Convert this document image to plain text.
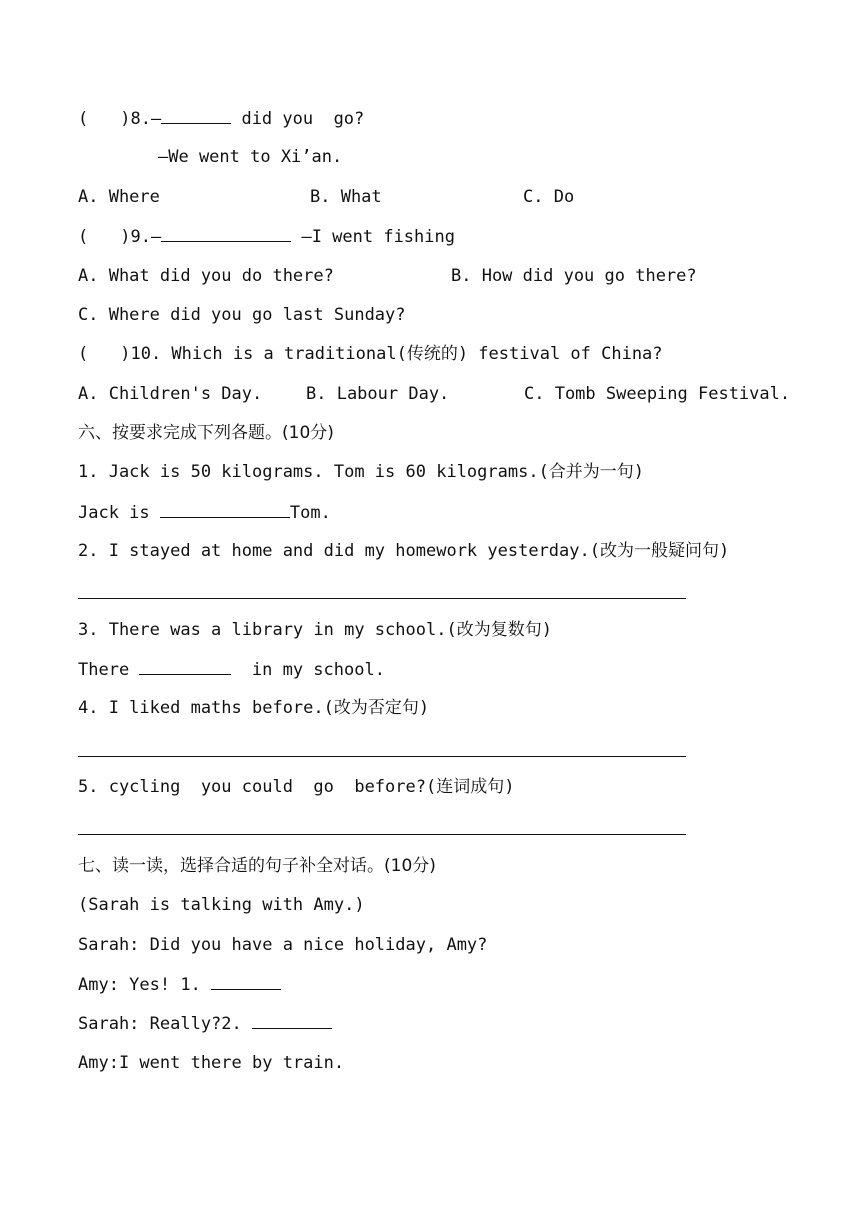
( )8.—	did you  go?
—We went to Xi’an.
A. Where	B. What	C. Do
( )9.—	—I went fishing
A. What did you do there?	B. How did you go there?
C. Where did you go last Sunday?
( )10. Which is a traditional(传统的) festival of China?
A. Children's Day.	B. Labour Day.	C. Tomb Sweeping Festival.
六、按要求完成下列各题。(10分)
1. Jack is 50 kilograms. Tom is 60 kilograms.(合并为一句)
Jack is	Tom.
2. I stayed at home and did my homework yesterday.(改为一般疑问句)
3. There was a library in my school.(改为复数句)
There	in my school.
4. I liked maths before.(改为否定句)
5. cycling  you could  go  before?(连词成句)
七、读一读，选择合适的句子补全对话。(10分)
(Sarah is talking with Amy.)
Sarah: Did you have a nice holiday, Amy?
Amy: Yes! 1.
Sarah: Really?2.
Amy:I went there by train.
